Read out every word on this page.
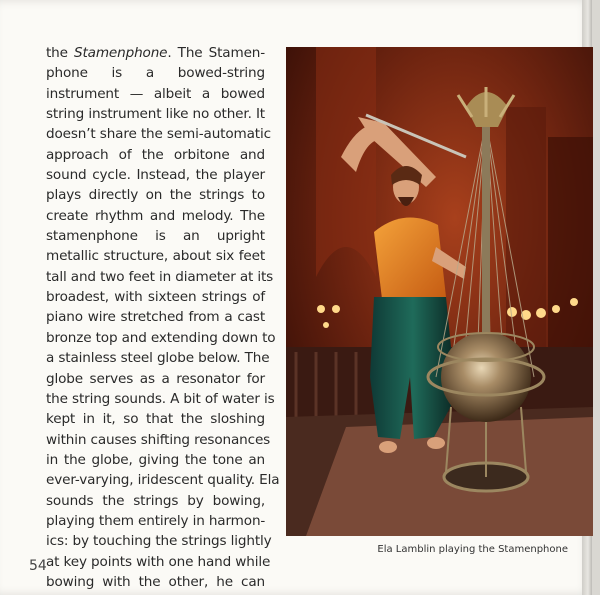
the Stamenphone. The Stamen-
phone is a bowed-string
instrument — albeit a bowed
string instrument like no other. It
doesn’t share the semi-automatic
approach of the orbitone and
sound cycle. Instead, the player
plays directly on the strings to
create rhythm and melody. The
stamenphone is an upright
metallic structure, about six feet
tall and two feet in diameter at its
broadest, with sixteen strings of
piano wire stretched from a cast
bronze top and extending down to
a stainless steel globe below. The
globe serves as a resonator for
the string sounds. A bit of water is
kept in it, so that the sloshing
within causes shifting resonances
in the globe, giving the tone an
ever-varying, iridescent quality. Ela
sounds the strings by bowing,
playing them entirely in harmon-
ics: by touching the strings lightly
at key points with one hand while
bowing with the other, he can
Ela Lamblin playing the Stamenphone
54
